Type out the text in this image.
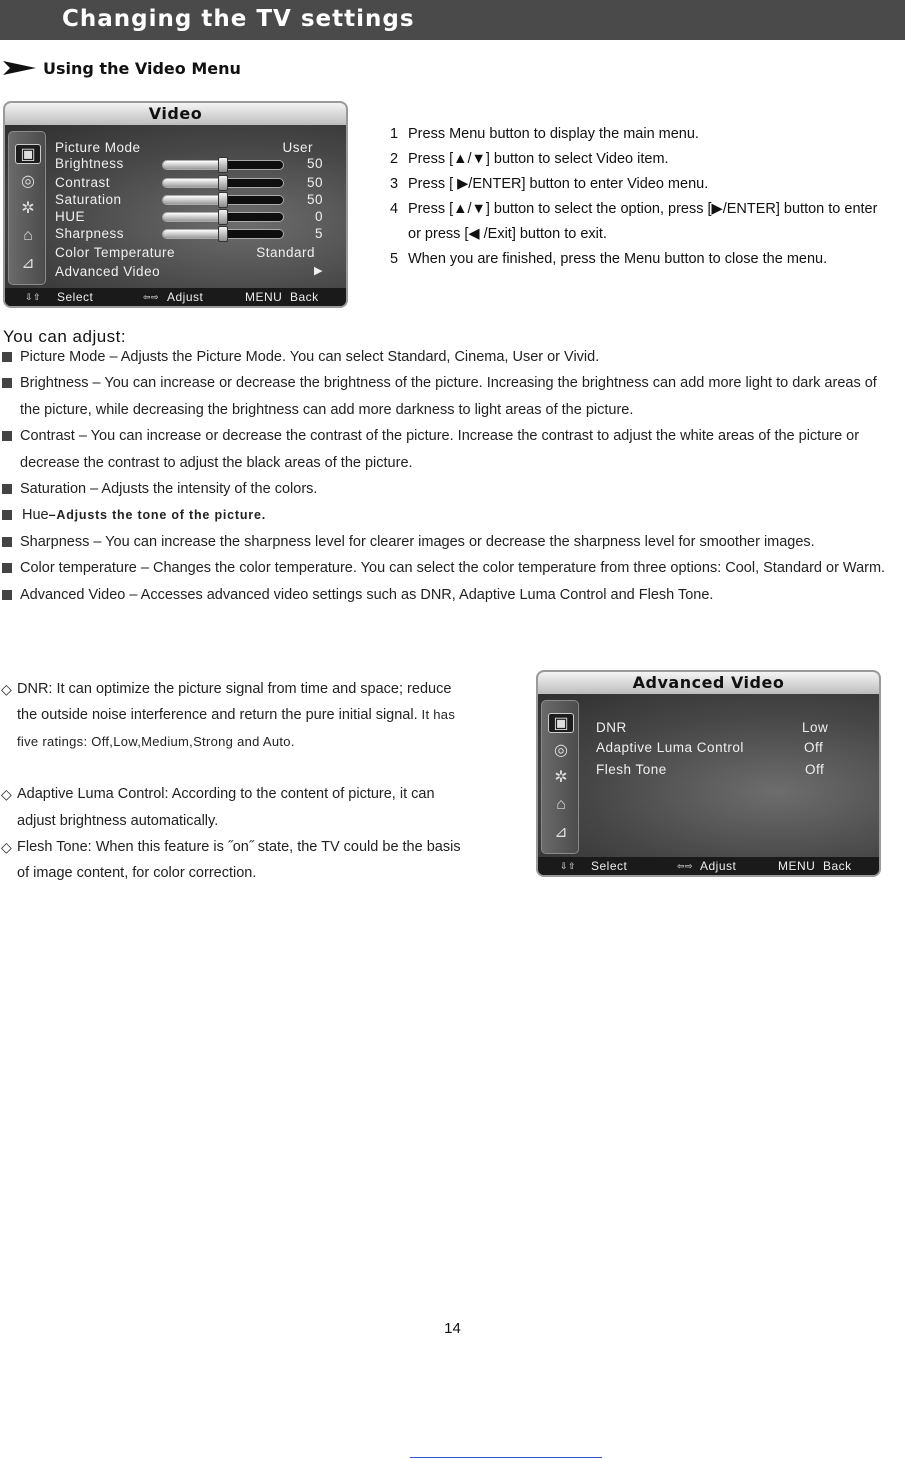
Changing the TV settings
Using the Video Menu
Video
▣
◎
✲
⌂
⊿
Picture Mode	User
Brightness	50
Contrast	50
Saturation	50
HUE	0
Sharpness	5
Color Temperature	Standard
Advanced Video	▶
⇩⇧ Select	⇦⇨ Adjust	MENU  Back
1 Press Menu button to display the main menu.
2 Press [▲/▼] button to select Video item.
3 Press [ ▶/ENTER] button to enter Video menu.
4 Press [▲/▼] button to select the option, press [▶/ENTER] button to enter
or press [◀ /Exit] button to exit.
5 When you are finished, press the Menu button to close the menu.
You can adjust:
Picture Mode – Adjusts the Picture Mode. You can select Standard, Cinema, User or Vivid.
Brightness – You can increase or decrease the brightness of the picture. Increasing the brightness can add more light to dark areas of the picture, while decreasing the brightness can add more darkness to light areas of the picture.
Contrast – You can increase or decrease the contrast of the picture. Increase the contrast to adjust the white areas of the picture or decrease the contrast to adjust the black areas of the picture.
Saturation – Adjusts the intensity of the colors.
Hue–Adjusts the tone of the picture.
Sharpness – You can increase the sharpness level for clearer images or decrease the sharpness level for smoother images.
Color temperature – Changes the color temperature. You can select the color temperature from three options: Cool, Standard or Warm.
Advanced Video – Accesses advanced video settings such as DNR, Adaptive Luma Control and Flesh Tone.
◇ DNR: It can optimize the picture signal from time and space; reduce the outside noise interference and return the pure initial signal. It has five ratings: Off,Low,Medium,Strong and Auto.
◇ Adaptive Luma Control: According to the content of picture, it can adjust brightness automatically.
◇ Flesh Tone: When this feature is ˝on˝ state, the TV could be the basis of image content, for color correction.
Advanced Video
▣
◎
✲
⌂
⊿
DNR	Low
Adaptive Luma Control	Off
Flesh Tone	Off
⇩⇧ Select	⇦⇨ Adjust	MENU  Back
14
